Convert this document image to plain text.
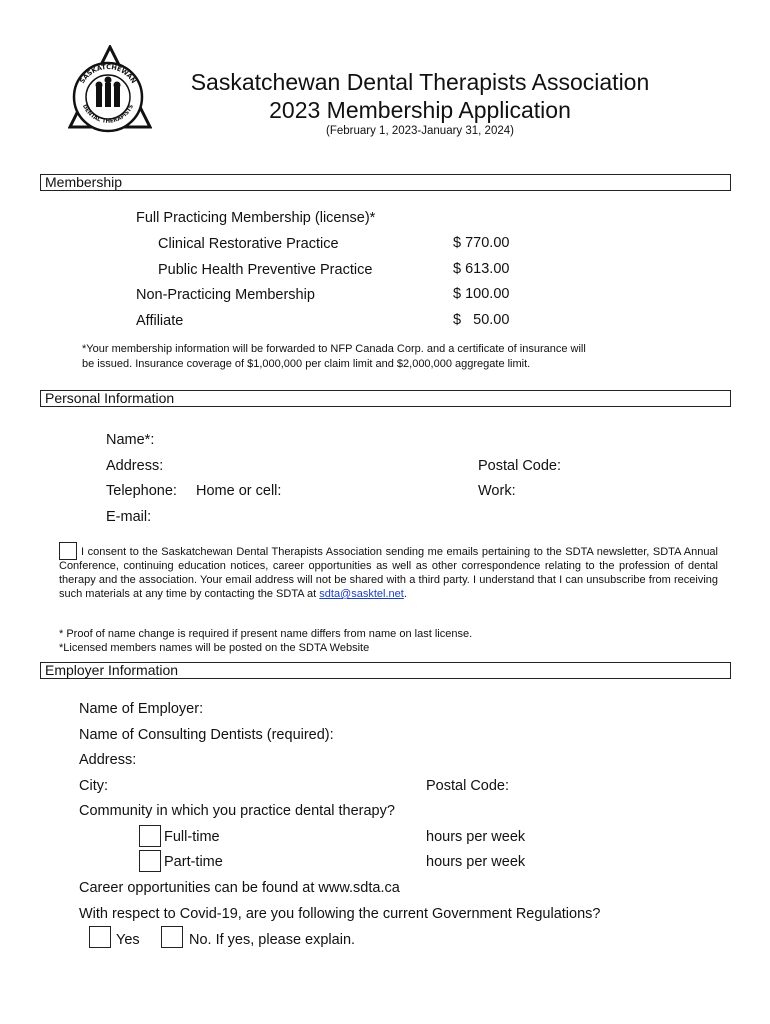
SASKATCHEWAN
DENTAL THERAPISTS
Saskatchewan Dental Therapists Association
2023 Membership Application
(February 1, 2023-January 31, 2024)
Membership
Full Practicing Membership (license)*
Clinical Restorative Practice	$ 770.00
Public Health Preventive Practice	$ 613.00
Non-Practicing Membership	$ 100.00
Affiliate	$   50.00
*Your membership information will be forwarded to NFP Canada Corp. and a certificate of insurance will
be issued. Insurance coverage of $1,000,000 per claim limit and $2,000,000 aggregate limit.
Personal Information
Name*:
Address:	Postal Code:
Telephone: Home or cell:	Work:
E-mail:
I consent to the Saskatchewan Dental Therapists Association sending me emails pertaining to the SDTA newsletter, SDTA Annual Conference, continuing education notices, career opportunities as well as other correspondence relating to the profession of dental therapy and the association. Your email address will not be shared with a third party. I understand that I can unsubscribe from receiving such materials at any time by contacting the SDTA at sdta@sasktel.net.
* Proof of name change is required if present name differs from name on last license.
*Licensed members names will be posted on the SDTA Website
Employer Information
Name of Employer:
Name of Consulting Dentists (required):
Address:
City:	Postal Code:
Community in which you practice dental therapy?
Full-time	hours per week
Part-time	hours per week
Career opportunities can be found at www.sdta.ca
With respect to Covid-19, are you following the current Government Regulations?
Yes	No. If yes, please explain.
